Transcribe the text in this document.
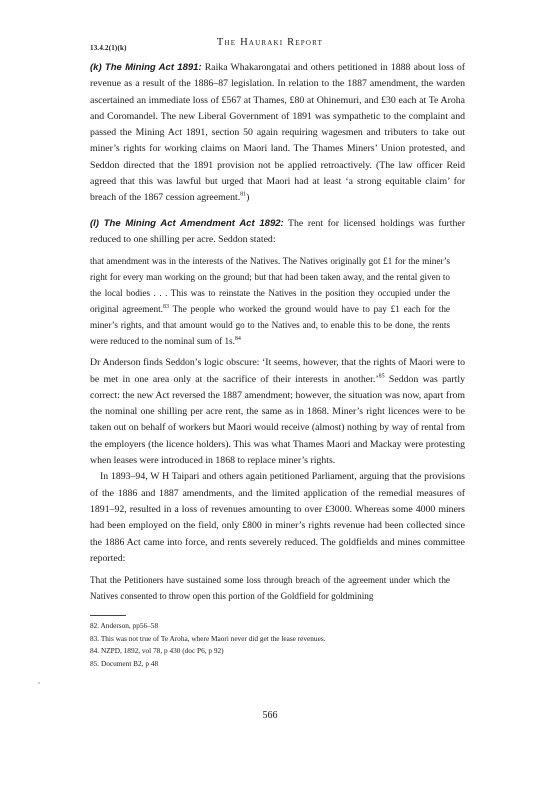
The Hauraki Report
13.4.2(1)(k)

(k) The Mining Act 1891: Raika Whakarongatai and others petitioned in 1888 about loss of revenue as a result of the 1886–87 legislation. In relation to the 1887 amendment, the warden ascertained an immediate loss of £567 at Thames, £80 at Ohinemuri, and £30 each at Te Aroha and Coromandel. The new Liberal Government of 1891 was sympathetic to the complaint and passed the Mining Act 1891, section 50 again requiring wagesmen and tributers to take out miner’s rights for working claims on Maori land. The Thames Miners’ Union protested, and Seddon directed that the 1891 provision not be applied retroactively. (The law officer Reid agreed that this was lawful but urged that Maori had at least ‘a strong equitable claim’ for breach of the 1867 cession agreement.$^{81}$)

(l) The Mining Act Amendment Act 1892: The rent for licensed holdings was further reduced to one shilling per acre. Seddon stated:

that amendment was in the interests of the Natives. The Natives originally got £1 for the miner’s right for every man working on the ground; but that had been taken away, and the rental given to the local bodies . . . This was to reinstate the Natives in the position they occupied under the original agreement.$^{83}$ The people who worked the ground would have to pay £1 each for the miner’s rights, and that amount would go to the Natives and, to enable this to be done, the rents were reduced to the nominal sum of 1s.$^{84}$

Dr Anderson finds Seddon’s logic obscure: ‘It seems, however, that the rights of Maori were to be met in one area only at the sacrifice of their interests in another.’$^{85}$ Seddon was partly correct: the new Act reversed the 1887 amendment; however, the situation was now, apart from the nominal one shilling per acre rent, the same as in 1868. Miner’s right licences were to be taken out on behalf of workers but Maori would receive (almost) nothing by way of rental from the employers (the licence holders). This was what Thames Maori and Mackay were protesting when leases were introduced in 1868 to replace miner’s rights.

In 1893–94, W H Taipari and others again petitioned Parliament, arguing that the provisions of the 1886 and 1887 amendments, and the limited application of the remedial measures of 1891–92, resulted in a loss of revenues amounting to over £3000. Whereas some 4000 miners had been employed on the field, only £800 in miner’s rights revenue had been collected since the 1886 Act came into force, and rents severely reduced. The goldfields and mines committee reported:

That the Petitioners have sustained some loss through breach of the agreement under which the Natives consented to throw open this portion of the Goldfield for goldmining

82. Anderson, pp56–58
83. This was not true of Te Aroha, where Maori never did get the lease revenues.
84. NZPD, 1892, vol 78, p 430 (doc P6, p 92)
85. Document B2, p 48
566
